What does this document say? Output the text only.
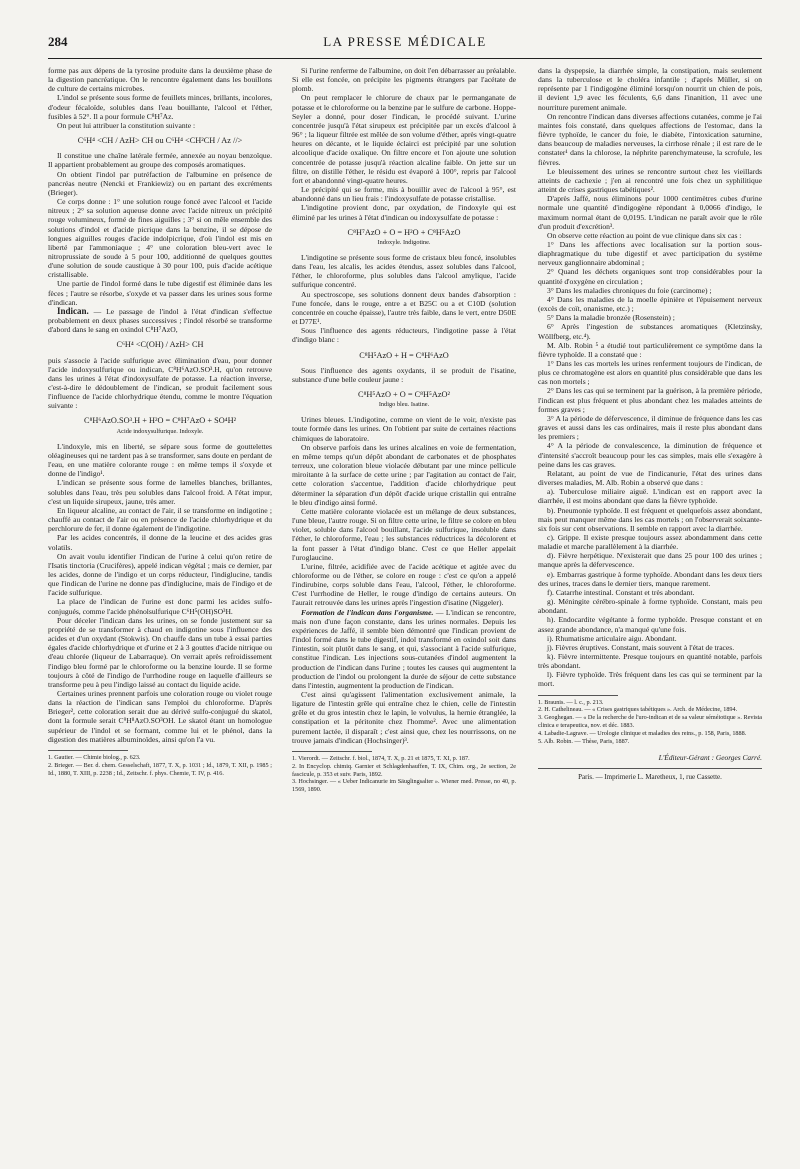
284	LA PRESSE MÉDICALE

forme pas aux dépens de la tyrosine produite dans la deuxième phase de la digestion pancréatique. On le rencontre également dans les bouillons de culture de certains microbes.

L'indol se présente sous forme de feuillets minces, brillants, incolores, d'odeur fécaloïde, solubles dans l'eau bouillante, l'alcool et l'éther, fusibles à 52°. Il a pour formule C⁸H⁷Az.

On peut lui attribuer la constitution suivante :

C⁶H⁴ <CH / AzH> CH ou C⁶H⁴ <CH²CH / Az //>

Il constitue une chaîne latérale fermée, annexée au noyau benzoïque. Il appartient probablement au groupe des composés aromatiques.

On obtient l'indol par putréfaction de l'albumine en présence de pancréas neutre (Nencki et Frankiewiz) ou en partant des excréments (Brieger).

Ce corps donne : 1° une solution rouge foncé avec l'alcool et l'acide nitreux ; 2° sa solution aqueuse donne avec l'acide nitreux un précipité rouge volumineux, formé de fines aiguilles ; 3° si on mêle ensemble des solutions d'indol et d'acide picrique dans la benzine, il se dépose de longues aiguilles rouges d'acide indolpicrique, d'où l'indol est mis en liberté par l'ammoniaque ; 4° une coloration bleu-vert avec le nitroprussiate de soude à 5 pour 100, additionné de quelques gouttes d'une solution de soude caustique à 30 pour 100, puis d'acide acétique cristallisable.

Une partie de l'indol formé dans le tube digestif est éliminée dans les fèces ; l'autre se résorbe, s'oxyde et va passer dans les urines sous forme d'indican.

Indican. — Le passage de l'indol à l'état d'indican s'effectue probablement en deux phases successives ; l'indol résorbé se transforme d'abord dans le sang en oxindol C⁸H⁷AzO,

C⁶H⁴ <C(OH) / AzH> CH

puis s'associe à l'acide sulfurique avec élimination d'eau, pour donner l'acide indoxysulfurique ou indican, C⁸H⁶AzO.SO³.H, qu'on retrouve dans les urines à l'état d'indoxysulfate de potasse. La réaction inverse, c'est-à-dire le dédoublement de l'indican, se produit facilement sous l'influence de l'acide chlorhydrique étendu, comme le montre l'équation suivante :

C⁸H⁶AzO.SO³.H + H²O = C⁸H⁷AzO + SO⁴H²
Acide indoxysulfurique. Indoxyle.

L'indoxyle, mis en liberté, se sépare sous forme de gouttelettes oléagineuses qui ne tardent pas à se transformer, sans doute en perdant de l'eau, en une matière colorante rouge : en même temps il s'oxyde et donne de l'indigo¹.

L'indican se présente sous forme de lamelles blanches, brillantes, solubles dans l'eau, très peu solubles dans l'alcool froid. A l'état impur, c'est un liquide sirupeux, jaune, très amer.

En liqueur alcaline, au contact de l'air, il se transforme en indigotine ; chauffé au contact de l'air ou en présence de l'acide chlorhydrique et du perchlorure de fer, il donne également de l'indigotine.

Par les acides concentrés, il donne de la leucine et des acides gras volatils.

On avait voulu identifier l'indican de l'urine à celui qu'on retire de l'Isatis tinctoria (Crucifères), appelé indican végétal ; mais ce dernier, par les acides, donne de l'indigo et un corps réducteur, l'indiglucine, tandis que l'indican de l'urine ne donne pas d'indiglucine, mais de l'indigo et de l'acide sulfurique.

La place de l'indican de l'urine est donc parmi les acides sulfo-conjugués, comme l'acide phénolsulfurique C⁶H⁵(OH)SO³H.

Pour déceler l'indican dans les urines, on se fonde justement sur sa propriété de se transformer à chaud en indigotine sous l'influence des acides et d'un oxydant (Stokwis). On chauffe dans un tube à essai parties égales d'acide chlorhydrique et d'urine et 2 à 3 gouttes d'acide nitrique ou d'eau chlorée (liqueur de Labarraque). On verrait après refroidissement l'indigo bleu formé par le chloroforme ou la benzine lourde. Il se forme toujours à côté de l'indigo de l'urrhodine rouge en laquelle d'ailleurs se transforme peu à peu l'indigo laissé au contact du liquide acide.

Certaines urines prennent parfois une coloration rouge ou violet rouge dans la réaction de l'indican sans l'emploi du chloroforme. D'après Brieger², cette coloration serait due au dérivé sulfo-conjugué du skatol, dont la formule serait C⁹H⁸AzO.SO³OH. Le skatol étant un homologue supérieur de l'indol et se formant, comme lui et le phénol, dans la digestion des matières albuminoïdes, ainsi qu'on l'a vu.

1. Gautier. — Chimie biolog., p. 623.

2. Brieger. — Ber. d. chem. Gesselschaft, 1877, T. X, p. 1031 ; Id., 1879, T. XII, p. 1985 ; Id., 1880, T. XIII, p. 2238 ; Id., Zeitschr. f. phys. Chemie, T. IV, p. 416.

Si l'urine renferme de l'albumine, on doit l'en débarrasser au préalable. Si elle est foncée, on précipite les pigments étrangers par l'acétate de plomb.

On peut remplacer le chlorure de chaux par le permanganate de potasse et le chloroforme ou la benzine par le sulfure de carbone. Hoppe-Seyler a donné, pour doser l'indican, le procédé suivant. L'urine concentrée jusqu'à l'état sirupeux est précipitée par un excès d'alcool à 96° ; la liqueur filtrée est mêlée de son volume d'éther, après vingt-quatre heures on décante, et le liquide éclairci est précipité par une solution alcoolique d'acide oxalique. On filtre encore et l'on ajoute une solution concentrée de potasse jusqu'à réaction alcaline faible. On jette sur un filtre, on distille l'éther, le résidu est évaporé à 100°, repris par l'alcool fort et abandonné vingt-quatre heures.

Le précipité qui se forme, mis à bouillir avec de l'alcool à 95°, est abandonné dans un lieu frais : l'indoxysulfate de potasse cristallise.

L'indigotine provient donc, par oxydation, de l'indoxyle qui est éliminé par les urines à l'état d'indican ou indoxysulfate de potasse :

C⁸H⁷AzO + O = H²O + C⁸H⁵AzO
Indoxyle. Indigotine.

L'indigotine se présente sous forme de cristaux bleu foncé, insolubles dans l'eau, les alcalis, les acides étendus, assez solubles dans l'alcool, l'éther, le chloroforme, plus solubles dans l'alcool amylique, l'acide sulfurique concentré.

Au spectroscope, ses solutions donnent deux bandes d'absorption : l'une foncée, dans le rouge, entre a et B25C ou a et C10D (solution concentrée en couche épaisse), l'autre très faible, dans le vert, entre D50E et D77E¹.

Sous l'influence des agents réducteurs, l'indigotine passe à l'état d'indigo blanc :

C⁸H⁵AzO + H = C⁸H⁶AzO

Sous l'influence des agents oxydants, il se produit de l'isatine, substance d'une belle couleur jaune :

C⁸H⁵AzO + O = C⁸H⁵AzO²
Indigo bleu. Isatine.

Urines bleues. L'indigotine, comme on vient de le voir, n'existe pas toute formée dans les urines. On l'obtient par suite de certaines réactions chimiques de laboratoire.

On observe parfois dans les urines alcalines en voie de fermentation, en même temps qu'un dépôt abondant de carbonates et de phosphates terreux, une coloration bleue violacée débutant par une mince pellicule miroitante à la surface de cette urine ; par l'agitation au contact de l'air, cette coloration s'accentue, l'addition d'acide chlorhydrique peut déterminer la séparation d'un dépôt d'acide urique cristallin qui entraîne le bleu d'indigo ainsi formé.

Cette matière colorante violacée est un mélange de deux substances, l'une bleue, l'autre rouge. Si on filtre cette urine, le filtre se colore en bleu violet, soluble dans l'alcool bouillant, l'acide sulfurique, insoluble dans l'éther, le chloroforme, l'eau ; les substances réductrices la décolorent et la font passer à l'état d'indigo blanc. C'est ce que Heller appelait l'uroglaucine.

L'urine, filtrée, acidifiée avec de l'acide acétique et agitée avec du chloroforme ou de l'éther, se colore en rouge : c'est ce qu'on a appelé l'indirubine, corps soluble dans l'eau, l'alcool, l'éther, le chloroforme. C'est l'urrhodine de Heller, le rouge d'indigo de certains auteurs. On l'aurait retrouvée dans les urines après l'ingestion d'isatine (Niggeler).

Formation de l'indican dans l'organisme. — L'indican se rencontre, mais non d'une façon constante, dans les urines normales. Depuis les expériences de Jaffé, il semble bien démontré que l'indican provient de l'indol formé dans le tube digestif, indol transformé en oxindol soit dans l'intestin, soit plutôt dans le sang, et qui, s'associant à l'acide sulfurique, constitue l'indican. Les injections sous-cutanées d'indol augmentent la production de l'indican dans l'urine ; toutes les causes qui augmentent la production de l'indol ou prolongent la durée de séjour de cette substance dans l'intestin, augmentent la production de l'indican.

C'est ainsi qu'agissent l'alimentation exclusivement animale, la ligature de l'intestin grêle qui entraîne chez le chien, celle de l'intestin grêle et du gros intestin chez le lapin, le volvulus, la hernie étranglée, la constipation et la péritonite chez l'homme². Avec une alimentation purement lactée, il disparaît ; c'est ainsi que, chez les nourrissons, on ne trouve jamais d'indican (Hochsinger)³.

1. Vierordt. — Zeitschr. f. biol., 1874, T. X, p. 21 et 1875, T. XI, p. 187.

2. In Encyclop. chimiq. Garnier et Schlagdenhauffen, T. IX, Chim. org., 2e section, 2e fascicule, p. 353 et suiv. Paris, 1892.

3. Hochsinger. — « Ueber Indicanurie im Säuglingsalter ». Wiener med. Presse, no 40, p. 1569, 1890.

dans la dyspepsie, la diarrhée simple, la constipation, mais seulement dans la tuberculose et le choléra infantile ; d'après Müller, si on représente par 1 l'indigogène éliminé lorsqu'on nourrit un chien de pois, il devient 1,9 avec les féculents, 6,6 dans l'inanition, 11 avec une nourriture purement animale.

On rencontre l'indican dans diverses affections cutanées, comme je l'ai maintes fois constaté, dans quelques affections de l'estomac, dans la fièvre typhoïde, le cancer du foie, le diabète, l'intoxication saturnine, dans beaucoup de maladies nerveuses, la cirrhose rénale ; il est rare de le constater¹ dans la chlorose, la néphrite parenchymateuse, la scrofule, les fièvres.

Le bleuissement des urines se rencontre surtout chez les vieillards atteints de cachexie ; j'en ai rencontré une fois chez un syphilitique atteint de crises gastriques tabétiques².

D'après Jaffé, nous éliminons pour 1000 centimètres cubes d'urine normale une quantité d'indigogène répondant à 0,0066 d'indigo, le maximum normal étant de 0,0195. L'indican ne paraît avoir que le rôle d'un produit d'excrétion³.

On observe cette réaction au point de vue clinique dans six cas :

1° Dans les affections avec localisation sur la portion sous-diaphragmatique du tube digestif et avec participation du système nerveux ganglionnaire abdominal ;

2° Quand les déchets organiques sont trop considérables pour la quantité d'oxygène en circulation ;

3° Dans les maladies chroniques du foie (carcinome) ;

4° Dans les maladies de la moelle épinière et l'épuisement nerveux (excès de coït, onanisme, etc.) ;

5° Dans la maladie bronzée (Rosenstein) ;

6° Après l'ingestion de substances aromatiques (Kletzinsky, Wöllfberg, etc.⁴).

M. Alb. Robin ⁵ a étudié tout particulièrement ce symptôme dans la fièvre typhoïde. Il a constaté que :

1° Dans les cas mortels les urines renferment toujours de l'indican, de plus ce chromatogène est alors en quantité plus considérable que dans les cas non mortels ;

2° Dans les cas qui se terminent par la guérison, à la première période, l'indican est plus fréquent et plus abondant chez les malades atteints de formes graves ;

3° A la période de défervescence, il diminue de fréquence dans les cas graves et aussi dans les cas ordinaires, mais il reste plus abondant dans les premiers ;

4° A la période de convalescence, la diminution de fréquence et d'intensité s'accroît beaucoup pour les cas simples, mais elle s'exagère à peine dans les cas graves.

Relatant, au point de vue de l'indicanurie, l'état des urines dans diverses maladies, M. Alb. Robin a observé que dans :

a). Tuberculose miliaire aiguë. L'indican est en rapport avec la diarrhée, il est moins abondant que dans la fièvre typhoïde.

b). Pneumonie typhoïde. Il est fréquent et quelquefois assez abondant, mais peut manquer même dans les cas mortels ; on l'observerait soixante-six fois sur cent observations. Il semble en rapport avec la diarrhée.

c). Grippe. Il existe presque toujours assez abondamment dans cette maladie et marche parallèlement à la diarrhée.

d). Fièvre herpétique. N'existerait que dans 25 pour 100 des urines ; manque après la défervescence.

e). Embarras gastrique à forme typhoïde. Abondant dans les deux tiers des urines, traces dans le dernier tiers, manque rarement.

f). Catarrhe intestinal. Constant et très abondant.

g). Méningite cérébro-spinale à forme typhoïde. Constant, mais peu abondant.

h). Endocardite végétante à forme typhoïde. Presque constant et en assez grande abondance, n'a manqué qu'une fois.

i). Rhumatisme articulaire aigu. Abondant.

j). Fièvres éruptives. Constant, mais souvent à l'état de traces.

k). Fièvre intermittente. Presque toujours en quantité notable, parfois très abondant.

l). Fièvre typhoïde. Très fréquent dans les cas qui se terminent par la mort.

1. Braunis. — l. c., p. 213.

2. H. Cathelineau. — « Crises gastriques tabétiques ». Arch. de Médecine, 1894.

3. Geoghegan. — « De la recherche de l'uro-indican et de sa valeur séméiotique ». Revista clinica e terapeutica, nov. et déc. 1883.

4. Labadie-Lagrave. — Urologie clinique et maladies des reins., p. 158, Paris, 1888.

5. Alb. Robin. — Thèse, Paris, 1887.

L'Éditeur-Gérant : Georges Carré.
Paris. — Imprimerie L. Maretheux, 1, rue Cassette.
